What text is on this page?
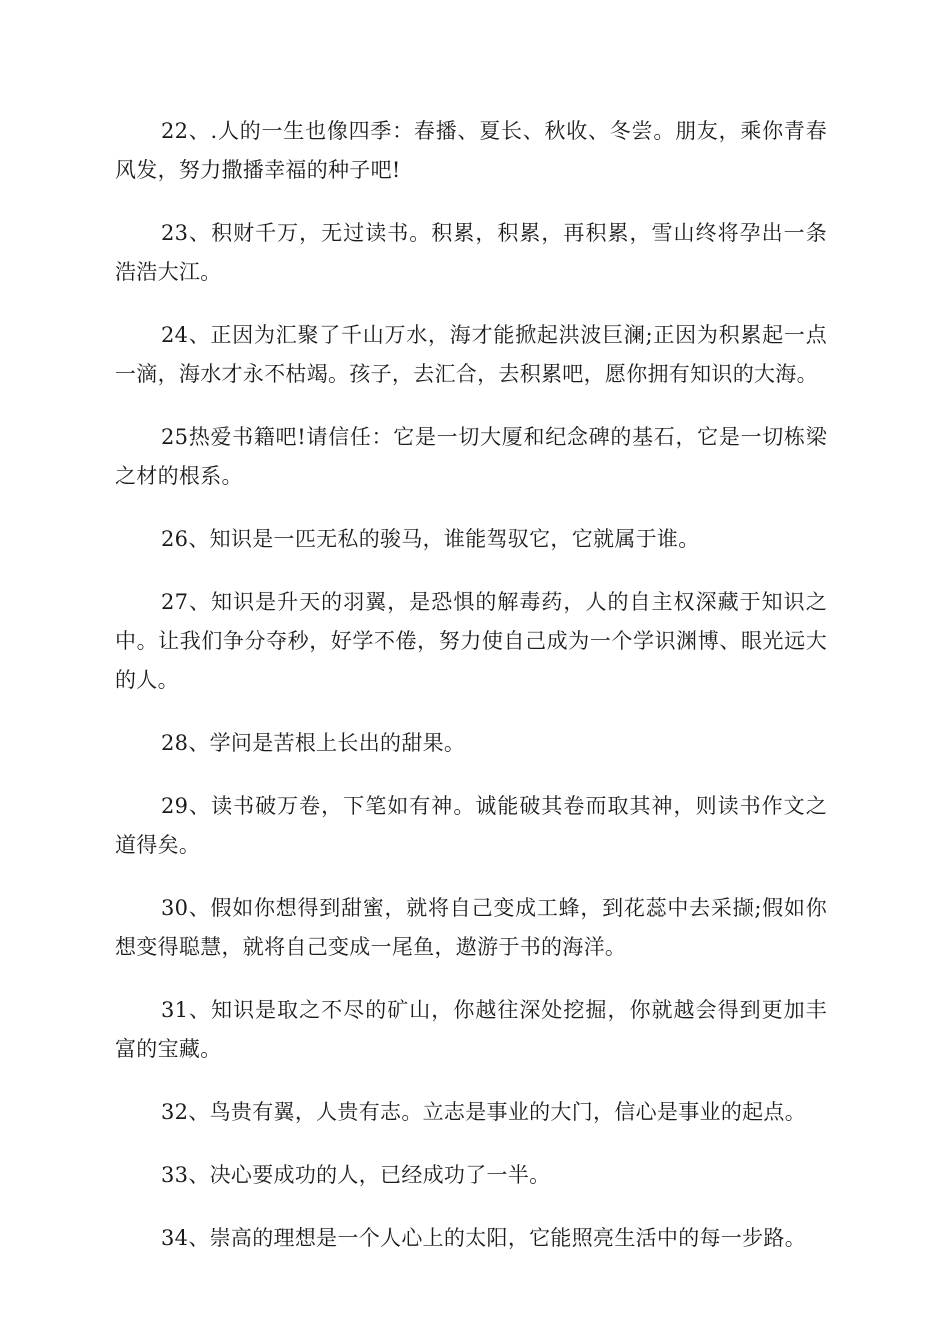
22、.人的一生也像四季：春播、夏长、秋收、冬尝。朋友，乘你青春风发，努力撒播幸福的种子吧!

23、积财千万，无过读书。积累，积累，再积累，雪山终将孕出一条浩浩大江。

24、正因为汇聚了千山万水，海才能掀起洪波巨澜;正因为积累起一点一滴，海水才永不枯竭。孩子，去汇合，去积累吧，愿你拥有知识的大海。

25热爱书籍吧!请信任：它是一切大厦和纪念碑的基石，它是一切栋梁之材的根系。

26、知识是一匹无私的骏马，谁能驾驭它，它就属于谁。

27、知识是升天的羽翼，是恐惧的解毒药，人的自主权深藏于知识之中。让我们争分夺秒，好学不倦，努力使自己成为一个学识渊博、眼光远大的人。

28、学问是苦根上长出的甜果。

29、读书破万卷，下笔如有神。诚能破其卷而取其神，则读书作文之道得矣。

30、假如你想得到甜蜜，就将自己变成工蜂，到花蕊中去采撷;假如你想变得聪慧，就将自己变成一尾鱼，遨游于书的海洋。

31、知识是取之不尽的矿山，你越往深处挖掘，你就越会得到更加丰富的宝藏。

32、鸟贵有翼，人贵有志。立志是事业的大门，信心是事业的起点。

33、决心要成功的人，已经成功了一半。

34、崇高的理想是一个人心上的太阳，它能照亮生活中的每一步路。
